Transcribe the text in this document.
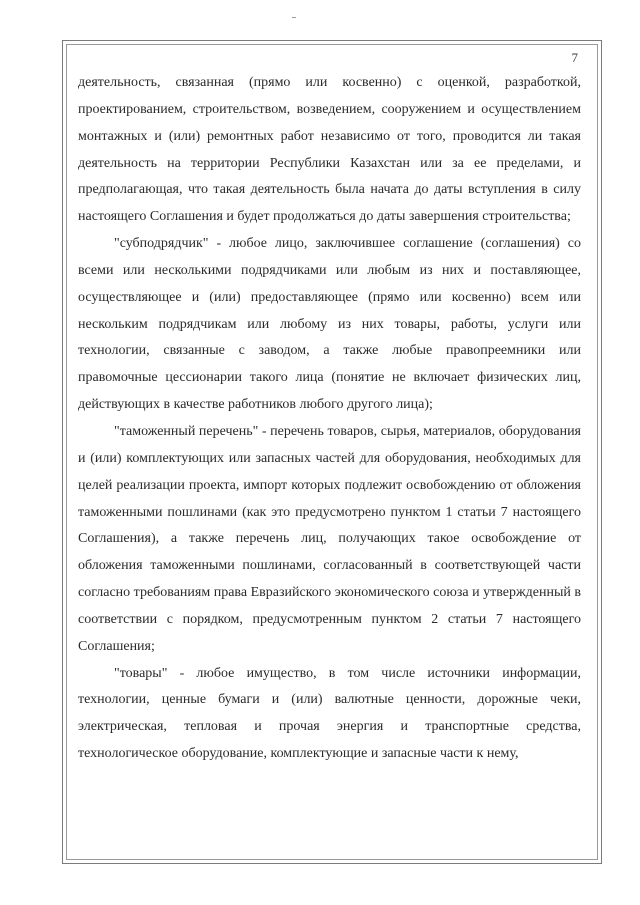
7

деятельность, связанная (прямо или косвенно) с оценкой, разработкой, проектированием, строительством, возведением, сооружением и осуществлением монтажных и (или) ремонтных работ независимо от того, проводится ли такая деятельность на территории Республики Казахстан или за ее пределами, и предполагающая, что такая деятельность была начата до даты вступления в силу настоящего Соглашения и будет продолжаться до даты завершения строительства;

"субподрядчик" - любое лицо, заключившее соглашение (соглашения) со всеми или несколькими подрядчиками или любым из них и поставляющее, осуществляющее и (или) предоставляющее (прямо или косвенно) всем или нескольким подрядчикам или любому из них товары, работы, услуги или технологии, связанные с заводом, а также любые правопреемники или правомочные цессионарии такого лица (понятие не включает физических лиц, действующих в качестве работников любого другого лица);

"таможенный перечень" - перечень товаров, сырья, материалов, оборудования и (или) комплектующих или запасных частей для оборудования, необходимых для целей реализации проекта, импорт которых подлежит освобождению от обложения таможенными пошлинами (как это предусмотрено пунктом 1 статьи 7 настоящего Соглашения), а также перечень лиц, получающих такое освобождение от обложения таможенными пошлинами, согласованный в соответствующей части согласно требованиям права Евразийского экономического союза и утвержденный в соответствии с порядком, предусмотренным пунктом 2 статьи 7 настоящего Соглашения;

"товары" - любое имущество, в том числе источники информации, технологии, ценные бумаги и (или) валютные ценности, дорожные чеки, электрическая, тепловая и прочая энергия и транспортные средства, технологическое оборудование, комплектующие и запасные части к нему,
